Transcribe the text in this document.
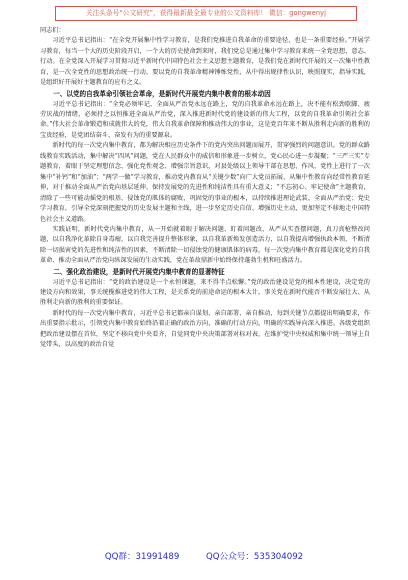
关注头条号“公文研究”，获得最新最全最专业的公文资料库！ 微信：gongwenyj

同志们：

习近平总书记指出：“在全党开展集中性学习教育，是我们党推进自我革命的重要途径，也是一条重要经验。”开展学习教育，每当一个大的历史阶段开启，一个大的历史使命到来时，我们党总是通过集中学习教育来统一全党思想、意志、行动。在全党深入开展学习贯彻习近平新时代中国特色社会主义思想主题教育，是我们党在新时代开展的又一次集中性教育，是一次全党性的思想政治统一行动。要以党的自我革命精神锤炼党性，从中得出规律性认识，映照现实，指导实践，是组织好开展好主题教育的应有之义。

一、以党的自我革命引领社会革命，是新时代开展党内集中教育的根本动因

习近平总书记指出：“全党必须牢记，全面从严治党永远在路上，党的自我革命永远在路上，决不能有松劲歇脚、疲劳厌战的情绪，必须持之以恒推进全面从严治党，深入推进新时代党的建设新的伟大工程，以党的自我革命引领社会革命。”伟大社会革命锻造和成就伟大的党，伟大自我革命保障和推动伟大的事业，这是党百年来不断从胜利走向新的胜利的宝贵经验，是党团结奋斗、奋发有为的重要源泉。

新时代的每一次党内集中教育，都为解决相应历史条件下的党内突出问题而展开，贯穿强烈的问题意识。党的群众路线教育实践活动，集中解决“四风”问题，党在人民群众中的威信和形象进一步树立，党心民心进一步凝聚；“三严三实”专题教育，着眼于坚定理想信念、强化党性观念、增强宗旨意识，对县处级以上领导干部在思想、作风、党性上进行了一次集中“补钙”和“加油”；“两学一做”学习教育，推动党内教育从“关键少数”向广大党员拓展、从集中性教育向经常性教育延伸，对于推动全面从严治党向基层延伸、保持发展党的先进性和纯洁性具有重大意义；“不忘初心、牢记使命”主题教育，清除了一些可能动摇党的根基、侵蚀党的肌体的腐败，巩固党的事业的根本，以持续推进理论武装、全面从严治党；党史学习教育，引导全党深刻把握党的历史发展主题和主线，进一步坚定历史自信、增强历史主动，更加坚定不移地走中国特色社会主义道路。

实践证明，新时代党内集中教育，从一开始就着眼于解决问题、盯着问题改，从严从实查摆问题，真刀真枪整改问题，以自我净化革除自身毒瘤，以自我完善提升整体形象，以自我革新焕发创造活力，以自我提高增强执政本领，不断清除一切损害党的先进性和纯洁性的因素，不断清除一切侵蚀党的健康肌体的病毒，每一次党内集中教育都是深化党的自我革命、推动全面从严治党向纵深发展的生动实践，党在革故鼎新中始终保持蓬勃生机和旺盛活力。

二、强化政治建设，是新时代开展党内集中教育的显著特征

习近平总书记指出：“党的政治建设是一个永恒课题，来不得半点松懈。”党的政治建设是党的根本性建设，决定党的建设方向和效果，事关统揽推进党的伟大工程，是关系党的前途命运的根本大计，事关党在新时代能否不断发展壮大、从胜利走向新的胜利的重要保证。

新时代的每一次党内集中教育，习近平总书记都亲自谋划、亲自部署、亲自推动，每到关键节点都提出明确要求，作出重要指示批示，引领党内集中教育始终沿着正确的政治方向、准确的行动方向，明确的实践导向深入推进。各级党组织把政治建设摆在首位，坚定不移向党中央看齐，自觉同党中央决策部署对标对表，在维护党中央权威和集中统一领导上自觉带头，以高度的政治自觉

QQ群：31991489	QQ公众号：535304092
